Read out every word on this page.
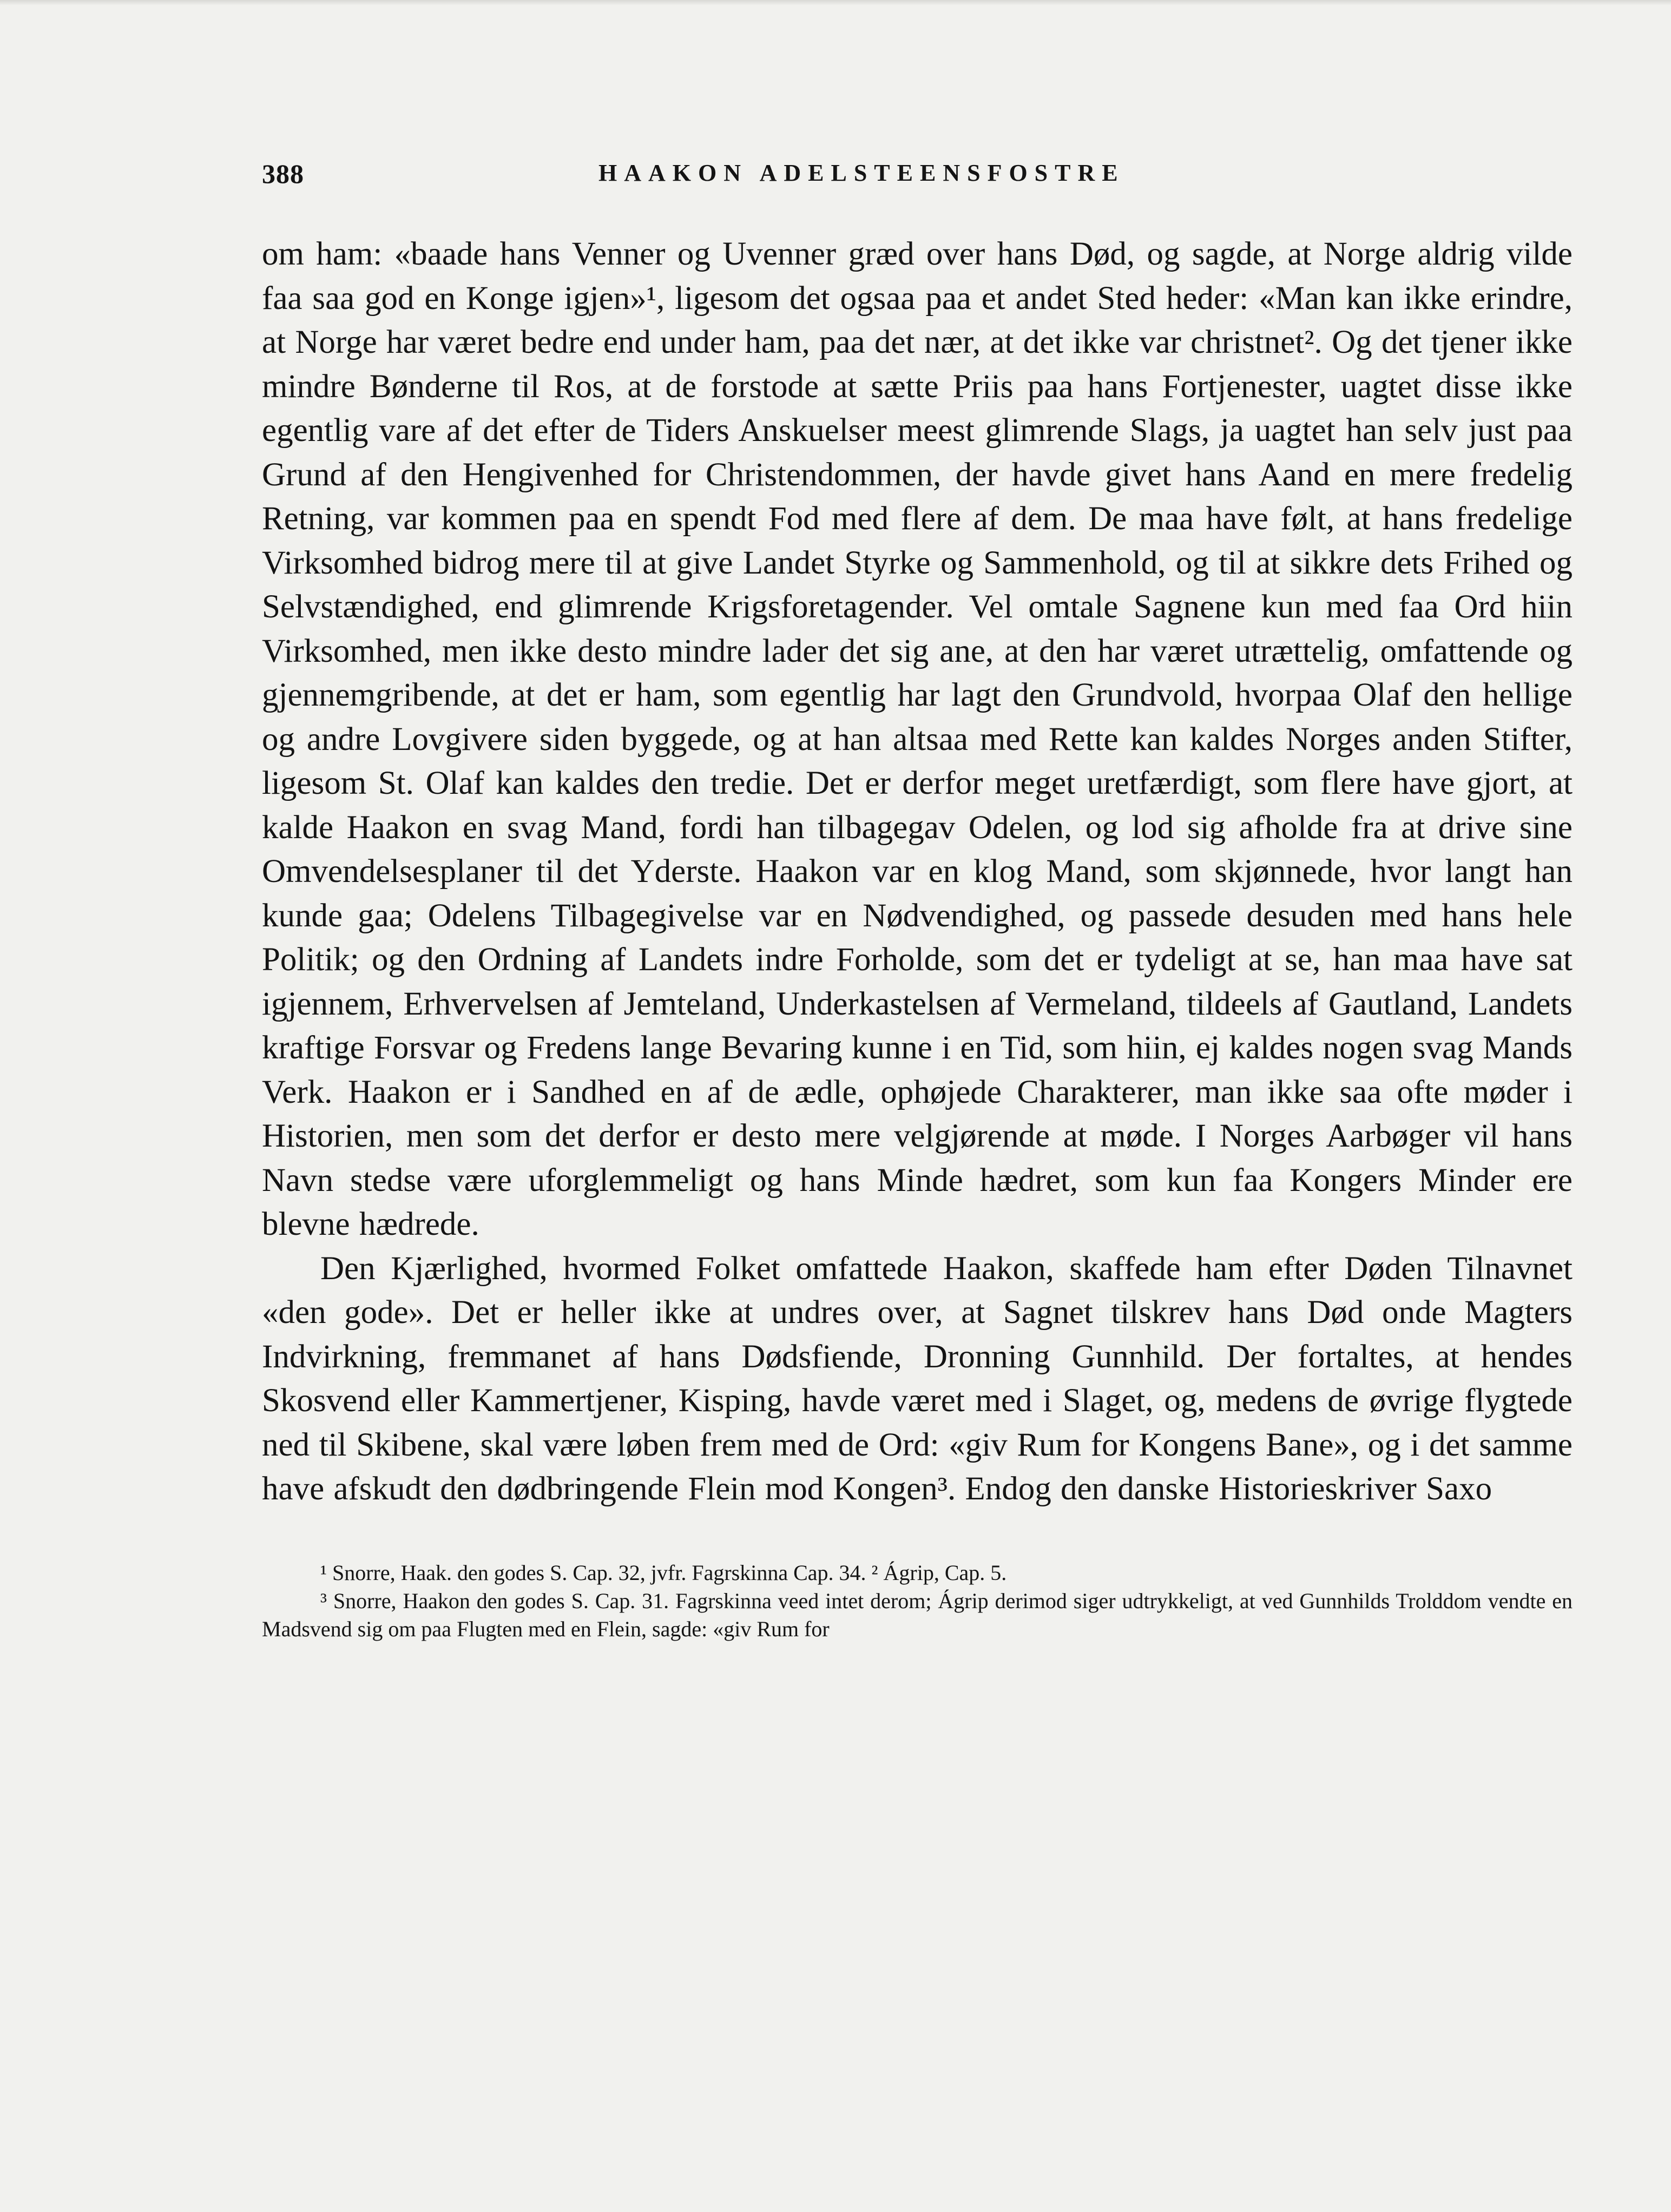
388	HAAKON ADELSTEENSFOSTRE

om ham: «baade hans Venner og Uvenner græd over hans Død, og sagde, at Norge aldrig vilde faa saa god en Konge igjen»¹, ligesom det ogsaa paa et andet Sted heder: «Man kan ikke erindre, at Norge har været bedre end under ham, paa det nær, at det ikke var christnet². Og det tjener ikke mindre Bønderne til Ros, at de forstode at sætte Priis paa hans Fortjenester, uagtet disse ikke egentlig vare af det efter de Tiders Anskuelser meest glimrende Slags, ja uagtet han selv just paa Grund af den Hengivenhed for Christendommen, der havde givet hans Aand en mere fredelig Retning, var kommen paa en spendt Fod med flere af dem. De maa have følt, at hans fredelige Virksomhed bidrog mere til at give Landet Styrke og Sammenhold, og til at sikkre dets Frihed og Selvstændighed, end glimrende Krigsforetagender. Vel omtale Sagnene kun med faa Ord hiin Virksomhed, men ikke desto mindre lader det sig ane, at den har været utrættelig, omfattende og gjennemgribende, at det er ham, som egentlig har lagt den Grundvold, hvorpaa Olaf den hellige og andre Lovgivere siden byggede, og at han altsaa med Rette kan kaldes Norges anden Stifter, ligesom St. Olaf kan kaldes den tredie. Det er derfor meget uretfærdigt, som flere have gjort, at kalde Haakon en svag Mand, fordi han tilbagegav Odelen, og lod sig afholde fra at drive sine Omvendelsesplaner til det Yderste. Haakon var en klog Mand, som skjønnede, hvor langt han kunde gaa; Odelens Tilbagegivelse var en Nødvendighed, og passede desuden med hans hele Politik; og den Ordning af Landets indre Forholde, som det er tydeligt at se, han maa have sat igjennem, Erhvervelsen af Jemteland, Underkastelsen af Vermeland, tildeels af Gautland, Landets kraftige Forsvar og Fredens lange Bevaring kunne i en Tid, som hiin, ej kaldes nogen svag Mands Verk. Haakon er i Sandhed en af de ædle, ophøjede Charakterer, man ikke saa ofte møder i Historien, men som det derfor er desto mere velgjørende at møde. I Norges Aarbøger vil hans Navn stedse være uforglemmeligt og hans Minde hædret, som kun faa Kongers Minder ere blevne hædrede.

Den Kjærlighed, hvormed Folket omfattede Haakon, skaffede ham efter Døden Tilnavnet «den gode». Det er heller ikke at undres over, at Sagnet tilskrev hans Død onde Magters Indvirkning, fremmanet af hans Dødsfiende, Dronning Gunnhild. Der fortaltes, at hendes Skosvend eller Kammertjener, Kisping, havde været med i Slaget, og, medens de øvrige flygtede ned til Skibene, skal være løben frem med de Ord: «giv Rum for Kongens Bane», og i det samme have afskudt den dødbringende Flein mod Kongen³. Endog den danske Historieskriver Saxo

¹ Snorre, Haak. den godes S. Cap. 32, jvfr. Fagrskinna Cap. 34. ² Ágrip, Cap. 5.

³ Snorre, Haakon den godes S. Cap. 31. Fagrskinna veed intet derom; Ágrip derimod siger udtrykkeligt, at ved Gunnhilds Trolddom vendte en Madsvend sig om paa Flugten med en Flein, sagde: «giv Rum for
